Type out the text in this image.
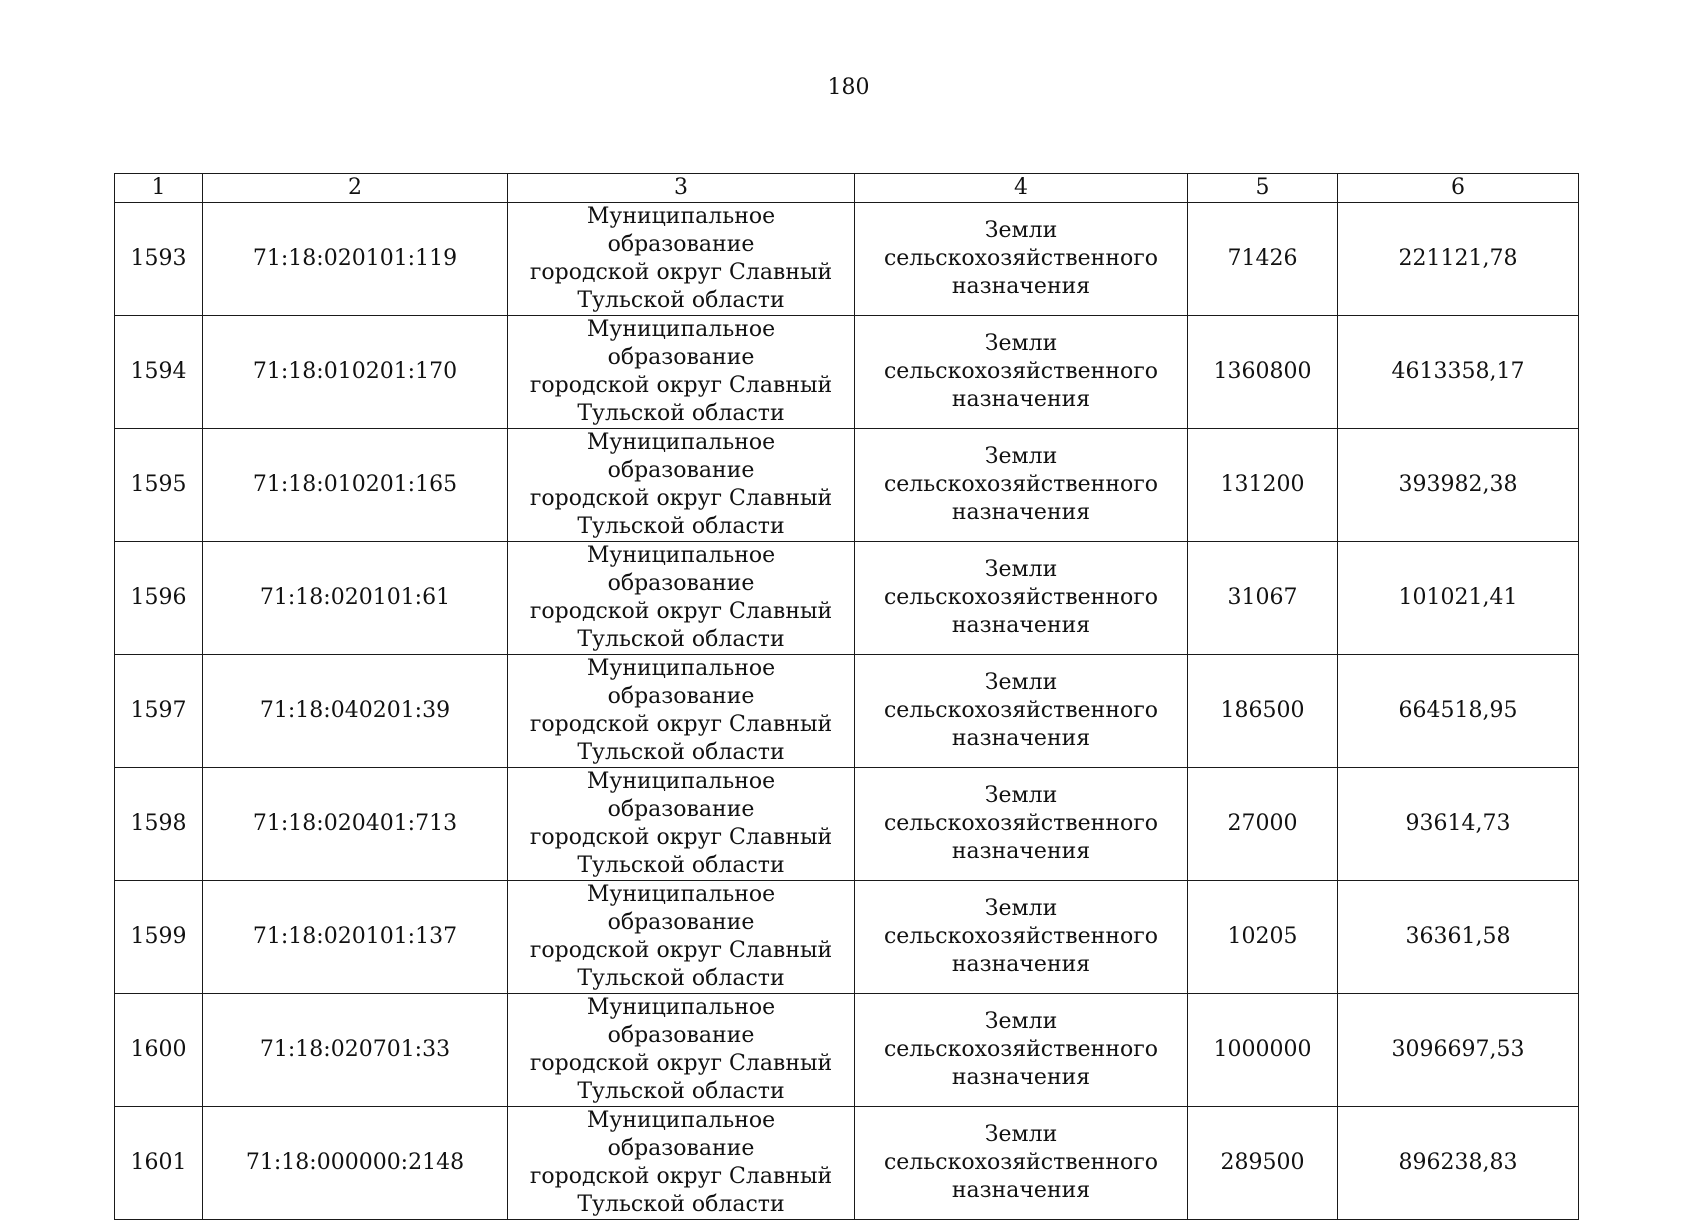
180
1	2	3	4	5	6
1593	71:18:020101:119	Муниципальное образование
городской округ Славный
Тульской области	Земли
сельскохозяйственного
назначения	71426	221121,78
1594	71:18:010201:170	Муниципальное образование
городской округ Славный
Тульской области	Земли
сельскохозяйственного
назначения	1360800	4613358,17
1595	71:18:010201:165	Муниципальное образование
городской округ Славный
Тульской области	Земли
сельскохозяйственного
назначения	131200	393982,38
1596	71:18:020101:61	Муниципальное образование
городской округ Славный
Тульской области	Земли
сельскохозяйственного
назначения	31067	101021,41
1597	71:18:040201:39	Муниципальное образование
городской округ Славный
Тульской области	Земли
сельскохозяйственного
назначения	186500	664518,95
1598	71:18:020401:713	Муниципальное образование
городской округ Славный
Тульской области	Земли
сельскохозяйственного
назначения	27000	93614,73
1599	71:18:020101:137	Муниципальное образование
городской округ Славный
Тульской области	Земли
сельскохозяйственного
назначения	10205	36361,58
1600	71:18:020701:33	Муниципальное образование
городской округ Славный
Тульской области	Земли
сельскохозяйственного
назначения	1000000	3096697,53
1601	71:18:000000:2148	Муниципальное образование
городской округ Славный
Тульской области	Земли
сельскохозяйственного
назначения	289500	896238,83
